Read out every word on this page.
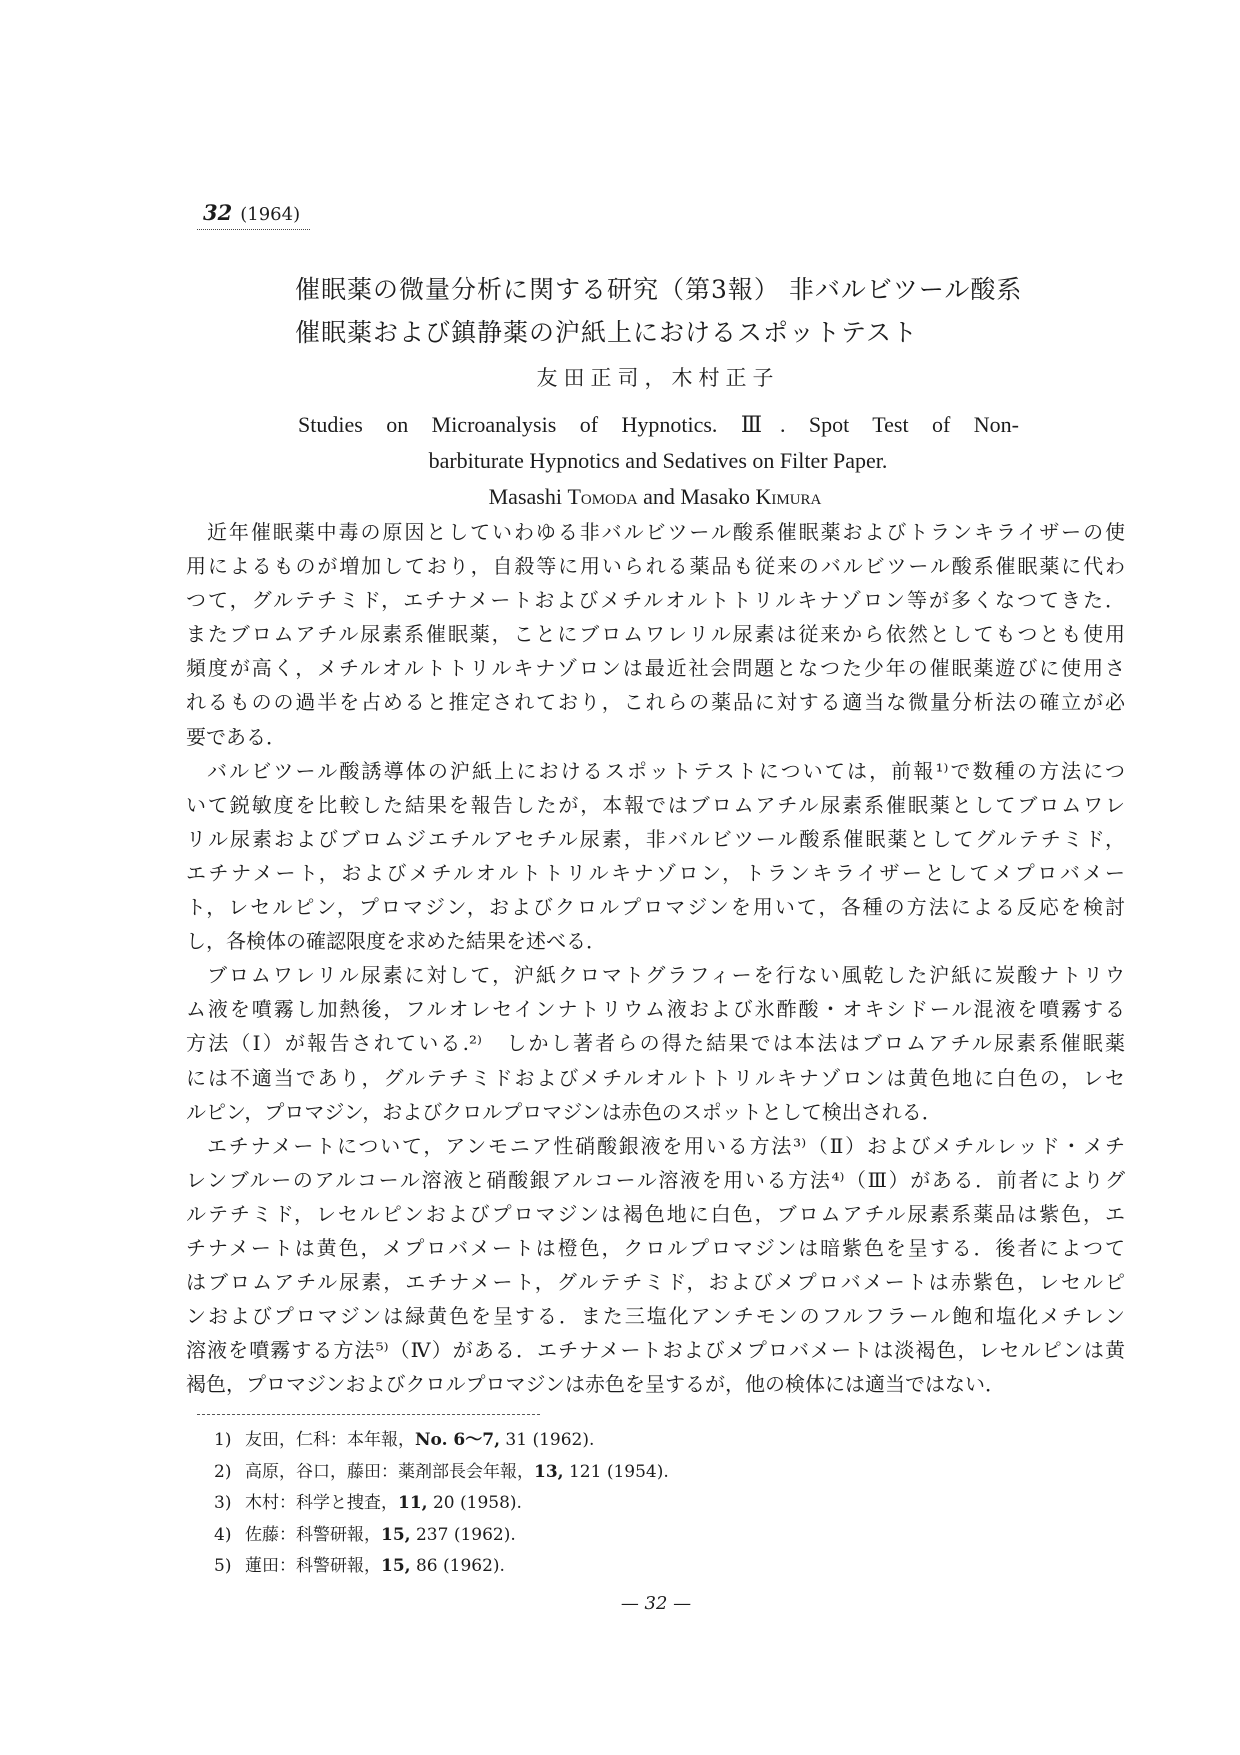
32 (1964)
催眠薬の微量分析に関する研究（第3報） 非バルビツール酸系
催眠薬および鎮静薬の沪紙上におけるスポットテスト
友田正司，木村正子
Studies on Microanalysis of Hypnotics. Ⅲ. Spot Test of Non-
barbiturate Hypnotics and Sedatives on Filter Paper.
Masashi Tomoda and Masako Kimura
近年催眠薬中毒の原因としていわゆる非バルビツール酸系催眠薬およびトランキライザーの使
用によるものが増加しており，自殺等に用いられる薬品も従来のバルビツール酸系催眠薬に代わ
つて，グルテチミド，エチナメートおよびメチルオルトトリルキナゾロン等が多くなつてきた．
またブロムアチル尿素系催眠薬，ことにブロムワレリル尿素は従来から依然としてもつとも使用
頻度が高く，メチルオルトトリルキナゾロンは最近社会問題となつた少年の催眠薬遊びに使用さ
れるものの過半を占めると推定されており，これらの薬品に対する適当な微量分析法の確立が必
要である．
バルビツール酸誘導体の沪紙上におけるスポットテストについては，前報¹⁾で数種の方法につ
いて鋭敏度を比較した結果を報告したが，本報ではブロムアチル尿素系催眠薬としてブロムワレ
リル尿素およびブロムジエチルアセチル尿素，非バルビツール酸系催眠薬としてグルテチミド，
エチナメート，およびメチルオルトトリルキナゾロン，トランキライザーとしてメプロバメー
ト，レセルピン，プロマジン，およびクロルプロマジンを用いて，各種の方法による反応を検討
し，各検体の確認限度を求めた結果を述べる．
ブロムワレリル尿素に対して，沪紙クロマトグラフィーを行ない風乾した沪紙に炭酸ナトリウ
ム液を噴霧し加熱後，フルオレセインナトリウム液および氷酢酸・オキシドール混液を噴霧する
方法（Ⅰ）が報告されている.²⁾　しかし著者らの得た結果では本法はブロムアチル尿素系催眠薬
には不適当であり，グルテチミドおよびメチルオルトトリルキナゾロンは黄色地に白色の，レセ
ルピン，プロマジン，およびクロルプロマジンは赤色のスポットとして検出される．
エチナメートについて，アンモニア性硝酸銀液を用いる方法³⁾（Ⅱ）およびメチルレッド・メチ
レンブルーのアルコール溶液と硝酸銀アルコール溶液を用いる方法⁴⁾（Ⅲ）がある．前者によりグ
ルテチミド，レセルピンおよびプロマジンは褐色地に白色，ブロムアチル尿素系薬品は紫色，エ
チナメートは黄色，メプロバメートは橙色，クロルプロマジンは暗紫色を呈する．後者によつて
はブロムアチル尿素，エチナメート，グルテチミド，およびメプロバメートは赤紫色，レセルピ
ンおよびプロマジンは緑黄色を呈する．また三塩化アンチモンのフルフラール飽和塩化メチレン
溶液を噴霧する方法⁵⁾（Ⅳ）がある．エチナメートおよびメプロバメートは淡褐色，レセルピンは黄
褐色，プロマジンおよびクロルプロマジンは赤色を呈するが，他の検体には適当ではない．
1) 友田，仁科：本年報，No. 6～7, 31 (1962).
2) 高原，谷口，藤田：薬剤部長会年報，13, 121 (1954).
3) 木村：科学と捜査，11, 20 (1958).
4) 佐藤：科警研報，15, 237 (1962).
5) 蓮田：科警研報，15, 86 (1962).
— 32 —
